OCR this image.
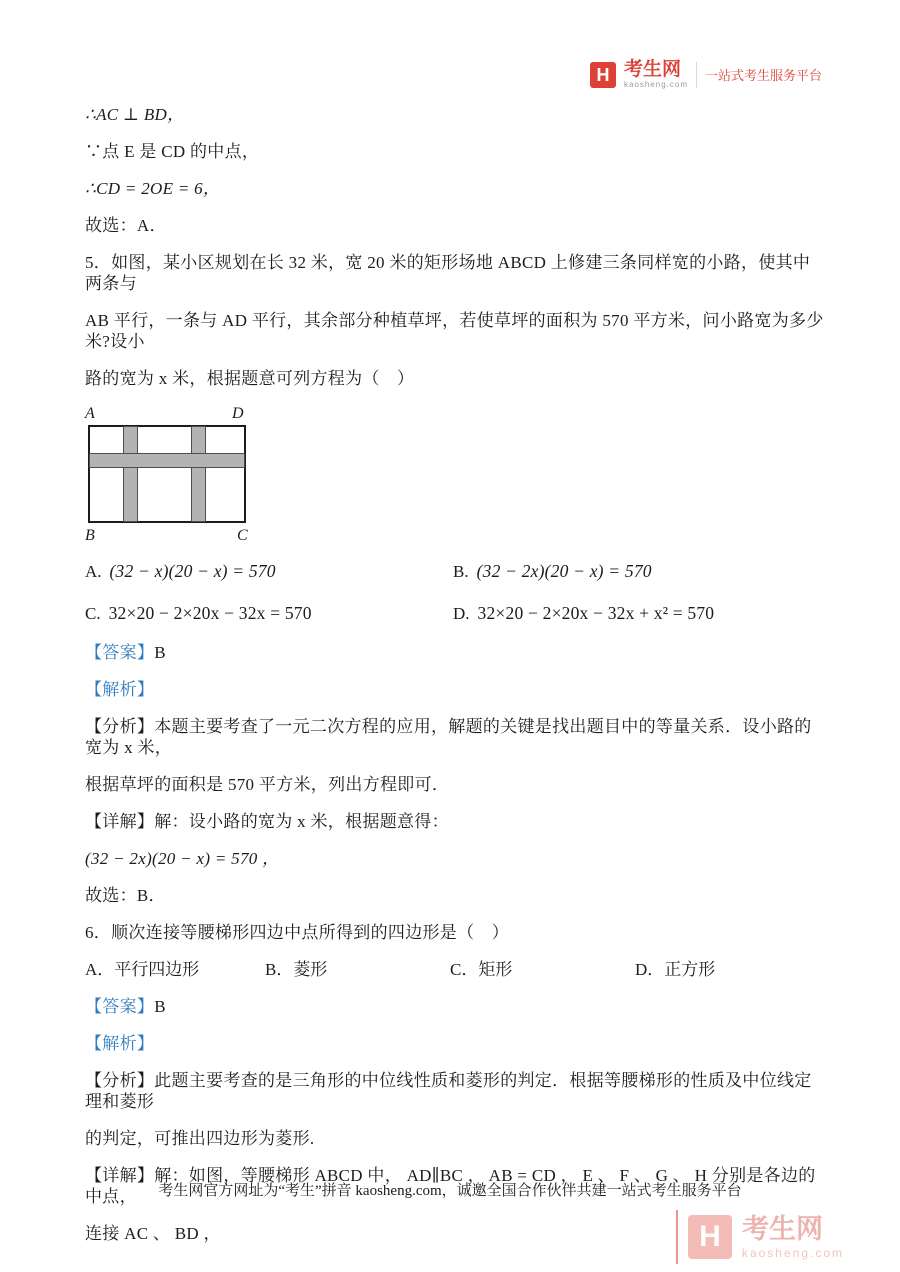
H 考生网
kaosheng.com
一站式考生服务平台

∴AC ⊥ BD，

∵点 E 是 CD 的中点，

∴CD = 2OE = 6，

故选：A．

5．如图，某小区规划在长 32 米，宽 20 米的矩形场地 ABCD 上修建三条同样宽的小路，使其中两条与

AB 平行，一条与 AD 平行，其余部分种植草坪，若使草坪的面积为 570 平方米，问小路宽为多少米?设小

路的宽为 x 米，根据题意可列方程为（　）

A	D
B	C
A. (32 − x)(20 − x) = 570	B. (32 − 2x)(20 − x) = 570
C. 32×20 − 2×20x − 32x = 570	D. 32×20 − 2×20x − 32x + x² = 570

【答案】B

【解析】

【分析】本题主要考查了一元二次方程的应用，解题的关键是找出题目中的等量关系．设小路的宽为 x 米，

根据草坪的面积是 570 平方米，列出方程即可．

【详解】解：设小路的宽为 x 米，根据题意得：

(32 − 2x)(20 − x) = 570 ，

故选：B．

6．顺次连接等腰梯形四边中点所得到的四边形是（　）

A．平行四边形	B．菱形	C．矩形	D．正方形

【答案】B

【解析】

【分析】此题主要考查的是三角形的中位线性质和菱形的判定．根据等腰梯形的性质及中位线定理和菱形

的判定，可推出四边形为菱形.

【详解】解：如图，等腰梯形 ABCD 中， AD∥BC ， AB = CD ， E 、 F 、 G 、 H 分别是各边的中点，

连接 AC 、 BD ，

考生网官方网址为“考生”拼音 kaosheng.com，诚邀全国合作伙伴共建一站式考生服务平台

H 考生网
kaosheng.com
